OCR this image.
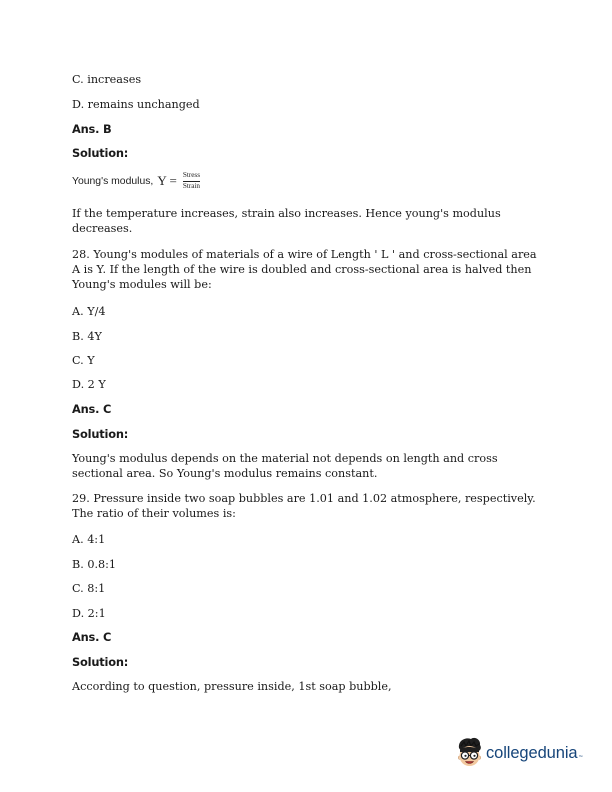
C. increases
D. remains unchanged
Ans. B
Solution:
Young's modulus, $Y = \frac{\text{Stress}}{\text{Strain}}$
If the temperature increases, strain also increases. Hence young's modulus decreases.
28. Young's modules of materials of a wire of Length ' L ' and cross-sectional area A is Y. If the length of the wire is doubled and cross-sectional area is halved then Young's modules will be:
A. Y/4
B. 4Y
C. Y
D. 2 Y
Ans. C
Solution:
Young's modulus depends on the material not depends on length and cross sectional area. So Young's modulus remains constant.
29. Pressure inside two soap bubbles are 1.01 and 1.02 atmosphere, respectively. The ratio of their volumes is:
A. 4:1
B. 0.8:1
C. 8:1
D. 2:1
Ans. C
Solution:
According to question, pressure inside, 1st soap bubble,
collegedunia ™
